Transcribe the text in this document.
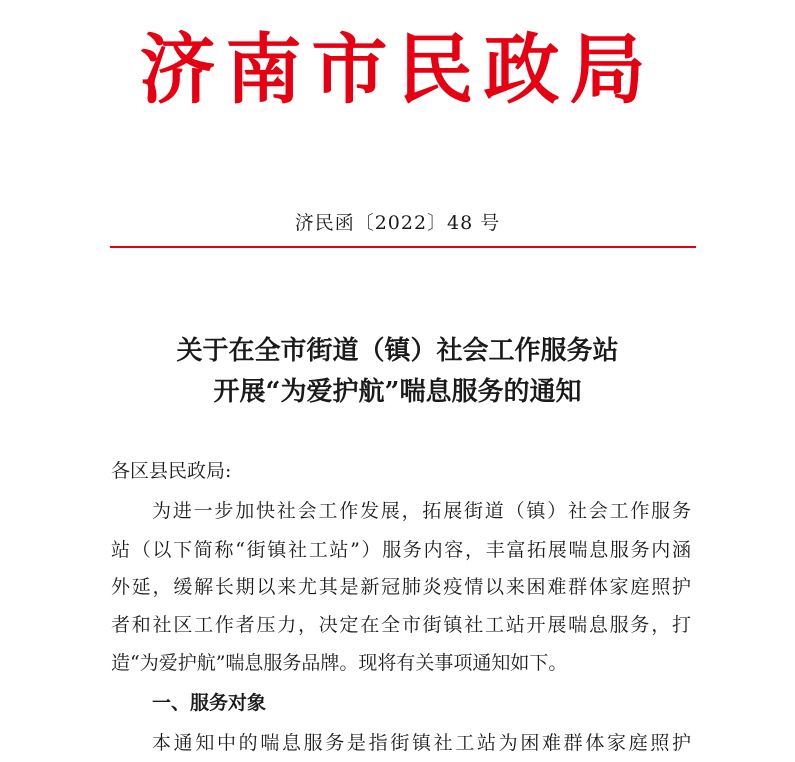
济南市民政局
济民函〔2022〕48 号
关于在全市街道（镇）社会工作服务站
开展“为爱护航”喘息服务的通知
各区县民政局:
为进一步加快社会工作发展，拓展街道（镇）社会工作服务
站（以下简称“街镇社工站”）服务内容，丰富拓展喘息服务内涵
外延，缓解长期以来尤其是新冠肺炎疫情以来困难群体家庭照护
者和社区工作者压力，决定在全市街镇社工站开展喘息服务，打
造“为爱护航”喘息服务品牌。现将有关事项通知如下。
一、服务对象
本通知中的喘息服务是指街镇社工站为困难群体家庭照护
